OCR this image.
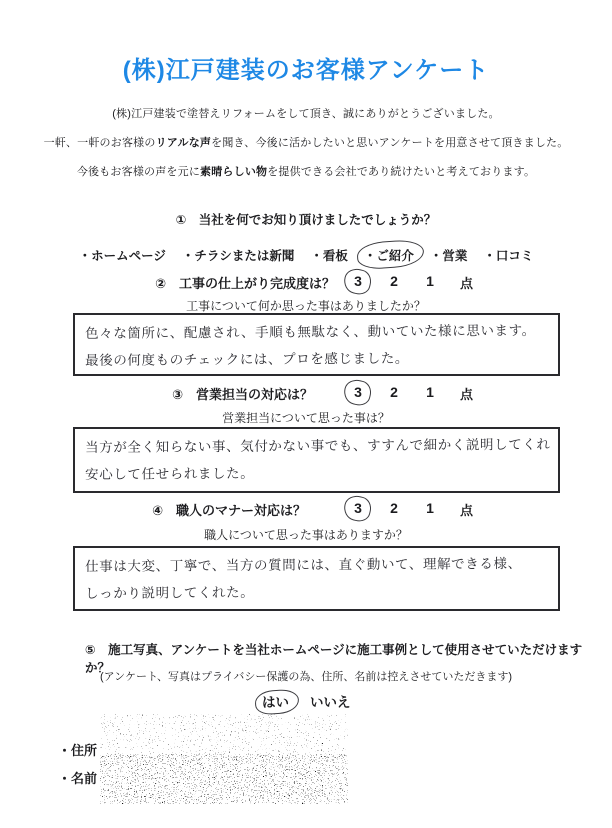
(株)江戸建装のお客様アンケート

(株)江戸建装で塗替えリフォームをして頂き、誠にありがとうございました。

一軒、一軒のお客様のリアルな声を聞き、今後に活かしたいと思いアンケートを用意させて頂きました。

今後もお客様の声を元に素晴らしい物を提供できる会社であり続けたいと考えております。

①　当社を何でお知り頂けましたでしょうか？

・ホームページ ・チラシまたは新聞 ・看板 ・ご紹介 ・営業 ・口コミ
②　工事の仕上がり完成度は？ 3 2 1 点

工事について何か思った事はありましたか？

色々な箇所に、配慮され、手順も無駄なく、動いていた様に思います。
最後の何度ものチェックには、プロを感じました。
③　営業担当の対応は？	3 2 1 点

営業担当について思った事は？

当方が全く知らない事、気付かない事でも、すすんで細かく説明してくれ
安心して任せられました。
④　職人のマナー対応は？	3 2 1 点

職人について思った事はありますか？

仕事は大変、丁寧で、当方の質問には、直ぐ動いて、理解できる様、
しっかり説明してくれた。

⑤　施工写真、アンケートを当社ホームページに施工事例として使用させていただけますか？

(アンケート、写真はプライバシー保護の為、住所、名前は控えさせていただきます)

$_{はい}$ いいえ
・住所
・名前
